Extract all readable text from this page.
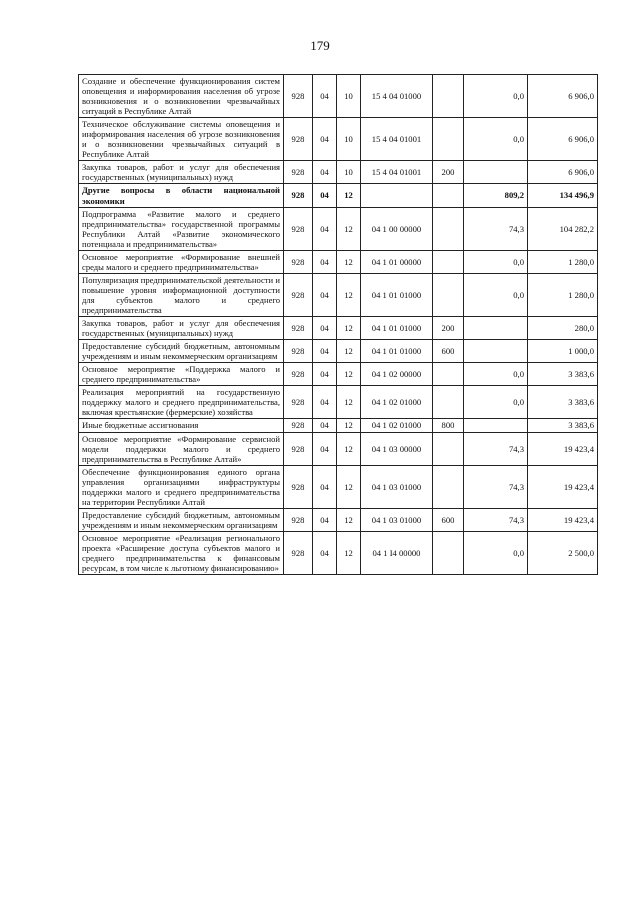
179
Создание и обеспечение функционирования систем оповещения и информирования населения об угрозе возникновения и о возникновении чрезвычайных ситуаций в Республике Алтай	928	04	10	15 4 04 01000		0,0	6 906,0
Техническое обслуживание системы оповещения и информирования населения об угрозе возникновения и о возникновении чрезвычайных ситуаций в Республике Алтай	928	04	10	15 4 04 01001		0,0	6 906,0
Закупка товаров, работ и услуг для обеспечения государственных (муниципальных) нужд	928	04	10	15 4 04 01001	200		6 906,0
Другие вопросы в области национальной экономики	928	04	12			809,2	134 496,9
Подпрограмма «Развитие малого и среднего предпринимательства» государственной программы Республики Алтай «Развитие экономического потенциала и предпринимательства»	928	04	12	04 1 00 00000		74,3	104 282,2
Основное мероприятие «Формирование внешней среды малого и среднего предпринимательства»	928	04	12	04 1 01 00000		0,0	1 280,0
Популяризация предпринимательской деятельности и повышение уровня информационной доступности для субъектов малого и среднего предпринимательства	928	04	12	04 1 01 01000		0,0	1 280,0
Закупка товаров, работ и услуг для обеспечения государственных (муниципальных) нужд	928	04	12	04 1 01 01000	200		280,0
Предоставление субсидий бюджетным, автономным учреждениям и иным некоммерческим организациям	928	04	12	04 1 01 01000	600		1 000,0
Основное мероприятие «Поддержка малого и среднего предпринимательства»	928	04	12	04 1 02 00000		0,0	3 383,6
Реализация мероприятий на государственную поддержку малого и среднего предпринимательства, включая крестьянские (фермерские) хозяйства	928	04	12	04 1 02 01000		0,0	3 383,6
Иные бюджетные ассигнования	928	04	12	04 1 02 01000	800		3 383,6
Основное мероприятие «Формирование сервисной модели поддержки малого и среднего предпринимательства в Республике Алтай»	928	04	12	04 1 03 00000		74,3	19 423,4
Обеспечение функционирования единого органа управления организациями инфраструктуры поддержки малого и среднего предпринимательства на территории Республики Алтай	928	04	12	04 1 03 01000		74,3	19 423,4
Предоставление субсидий бюджетным, автономным учреждениям и иным некоммерческим организациям	928	04	12	04 1 03 01000	600	74,3	19 423,4
Основное мероприятие «Реализация регионального проекта «Расширение доступа субъектов малого и среднего предпринимательства к финансовым ресурсам, в том числе к льготному финансированию»	928	04	12	04 1 I4 00000		0,0	2 500,0
